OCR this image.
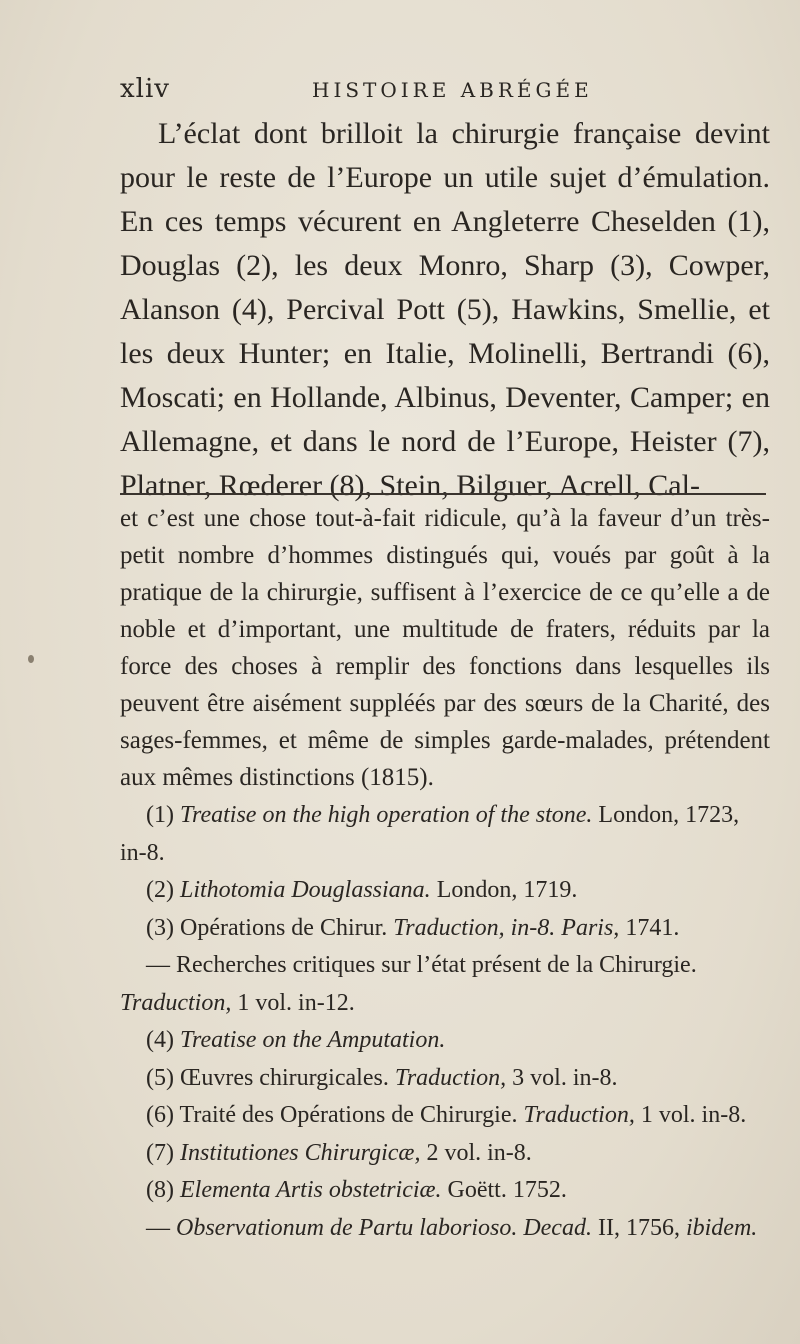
xliv	HISTOIRE ABRÉGÉE

L’éclat dont brilloit la chirurgie française devint pour le reste de l’Europe un utile sujet d’émulation. En ces temps vécurent en Angleterre Cheselden (1), Douglas (2), les deux Monro, Sharp (3), Cowper, Alanson (4), Percival Pott (5), Hawkins, Smellie, et les deux Hunter; en Italie, Molinelli, Bertrandi (6), Moscati; en Hollande, Albinus, Deventer, Camper; en Allemagne, et dans le nord de l’Europe, Heister (7), Platner, Rœderer (8), Stein, Bilguer, Acrell, Cal-

et c’est une chose tout-à-fait ridicule, qu’à la faveur d’un très-petit nombre d’hommes distingués qui, voués par goût à la pratique de la chirurgie, suffisent à l’exercice de ce qu’elle a de noble et d’important, une multitude de fraters, réduits par la force des choses à remplir des fonctions dans lesquelles ils peuvent être aisément suppléés par des sœurs de la Charité, des sages-femmes, et même de simples garde-malades, prétendent aux mêmes distinctions (1815).

(1) Treatise on the high operation of the stone. London, 1723, in-8.

(2) Lithotomia Douglassiana. London, 1719.

(3) Opérations de Chirur. Traduction, in-8. Paris, 1741.

— Recherches critiques sur l’état présent de la Chirurgie. Traduction, 1 vol. in-12.

(4) Treatise on the Amputation.

(5) Œuvres chirurgicales. Traduction, 3 vol. in-8.

(6) Traité des Opérations de Chirurgie. Traduction, 1 vol. in-8.

(7) Institutiones Chirurgicæ, 2 vol. in-8.

(8) Elementa Artis obstetriciæ. Goëtt. 1752.

— Observationum de Partu laborioso. Decad. II, 1756, ibidem.
